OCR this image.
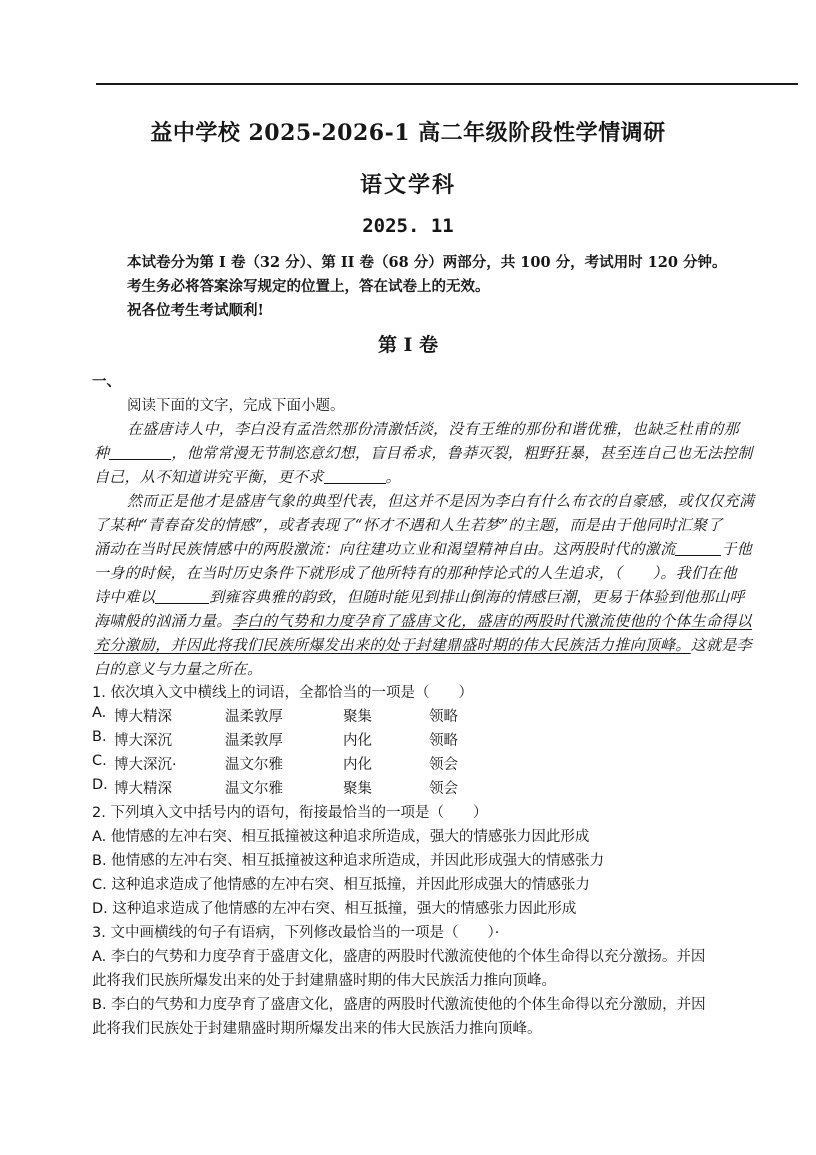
益中学校 2025-2026-1 高二年级阶段性学情调研
语文学科
2025. 11
本试卷分为第 I 卷（32 分）、第 II 卷（68 分）两部分，共 100 分，考试用时 120 分钟。
考生务必将答案涂写规定的位置上，答在试卷上的无效。
祝各位考生考试顺利!
第 I 卷
一、
阅读下面的文字，完成下面小题。
在盛唐诗人中，李白没有孟浩然那份清激恬淡，没有王维的那份和谐优雅，也缺乏杜甫的那
种	，他常常漫无节制恣意幻想，盲目希求，鲁莽灭裂，粗野狂暴，甚至连自己也无法控制
自己，从不知道讲究平衡，更不求	。
然而正是他才是盛唐气象的典型代表，但这并不是因为李白有什么布衣的自豪感，或仅仅充满
了某种“青春奋发的情感”，或者表现了“怀才不遇和人生若梦”的主题，而是由于他同时汇聚了
涌动在当时民族情感中的两股激流：向往建功立业和渴望精神自由。这两股时代的激流	于他
一身的时候，在当时历史条件下就形成了他所特有的那种悖论式的人生追求，（　　）。我们在他
诗中难以	到雍容典雅的韵致，但随时能见到排山倒海的情感巨潮，更易于体验到他那山呼
海啸般的汹涌力量。李白的气势和力度孕育了盛唐文化，盛唐的两股时代激流使他的个体生命得以
充分激励，并因此将我们民族所爆发出来的处于封建鼎盛时期的伟大民族活力推向顶峰。这就是李
白的意义与力量之所在。
1. 依次填入文中横线上的词语，全都恰当的一项是（　　）
A. 博大精深	温柔敦厚	聚集	领略
B. 博大深沉	温柔敦厚	内化	领略
C. 博大深沉·	温文尔雅	内化	领会
D. 博大精深	温文尔雅	聚集	领会
2. 下列填入文中括号内的语句，衔接最恰当的一项是（　　）
A. 他情感的左冲右突、相互抵撞被这种追求所造成，强大的情感张力因此形成
B. 他情感的左冲右突、相互抵撞被这种追求所造成，并因此形成强大的情感张力
C. 这种追求造成了他情感的左冲右突、相互抵撞，并因此形成强大的情感张力
D. 这种追求造成了他情感的左冲右突、相互抵撞，强大的情感张力因此形成
3. 文中画横线的句子有语病，下列修改最恰当的一项是（　　）·
A. 李白的气势和力度孕育于盛唐文化，盛唐的两股时代激流使他的个体生命得以充分激扬。并因
此将我们民族所爆发出来的处于封建鼎盛时期的伟大民族活力推向顶峰。
B. 李白的气势和力度孕育了盛唐文化，盛唐的两股时代激流使他的个体生命得以充分激励，并因
此将我们民族处于封建鼎盛时期所爆发出来的伟大民族活力推向顶峰。
